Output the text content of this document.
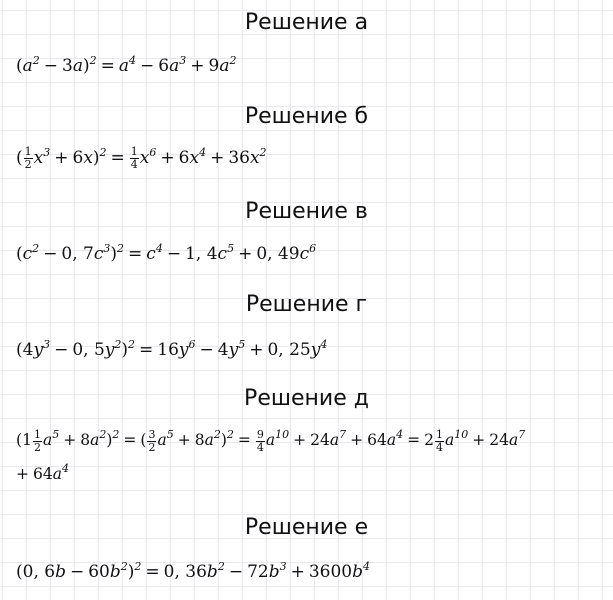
Решение а
$(a^2 - 3a)^2 = a^4 - 6a^3 + 9a^2$
Решение б
( $\frac{1}{2} x^3 + 6x)^2 = \frac{1}{4} x^6 + 6x^4 + 36x^2$
Решение в
($c^2 - 0$, $7c^3)^2 = c^4 - 1$, $4c^5 + 0$, $49c^6$
Решение г
($4y^3 - 0$, $5y^2)^2 = 16y^6 - 4y^5 + 0$, $25y^4$
Решение д
$(1 \frac{1}{2} a^5 + 8a^2)^2$ = ( $\frac{3}{2} a^5 + 8a^2)^2 = \frac{9}{4} a^{10} + 24a^7 + 64a^4 = 2 \frac{1}{4} a^{10} + 24a^7$
+ $64a^4$
Решение е
(0, $6b - 60b^2)^2 = 0$, $36b^2 - 72b^3 + 3600b^4$
